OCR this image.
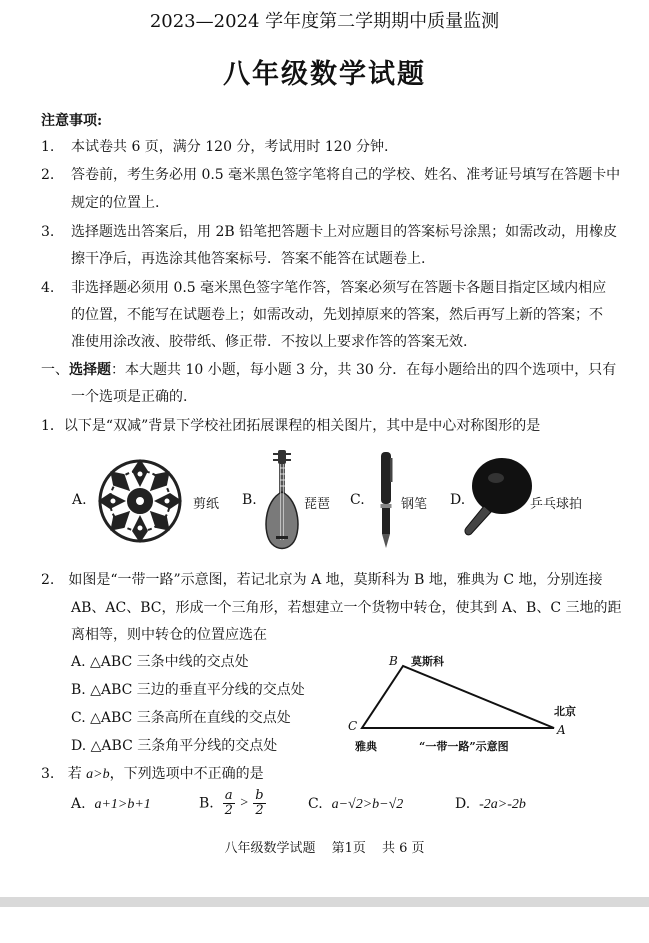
2023—2024 学年度第二学期期中质量监测
八年级数学试题
注意事项:
1. 本试卷共 6 页，满分 120 分，考试用时 120 分钟.
2. 答卷前，考生务必用 0.5 毫米黑色签字笔将自己的学校、姓名、准考证号填写在答题卡中
规定的位置上.
3. 选择题选出答案后，用 2B 铅笔把答题卡上对应题目的答案标号涂黑；如需改动，用橡皮
擦干净后，再选涂其他答案标号．答案不能答在试题卷上.
4. 非选择题必须用 0.5 毫米黑色签字笔作答，答案必须写在答题卡各题目指定区域内相应
的位置，不能写在试题卷上；如需改动，先划掉原来的答案，然后再写上新的答案；不
准使用涂改液、胶带纸、修正带．不按以上要求作答的答案无效.
一、选择题：本大题共 10 小题，每小题 3 分，共 30 分．在每小题给出的四个选项中，只有
一个选项是正确的.
1．以下是“双减”背景下学校社团拓展课程的相关图片，其中是中心对称图形的是
A.	剪纸 B.	琵琶 C.	钢笔 D.	乒乓球拍
2.　如图是“一带一路”示意图，若记北京为 A 地，莫斯科为 B 地，雅典为 C 地，分别连接
AB、AC、BC，形成一个三角形，若想建立一个货物中转仓，使其到 A、B、C 三地的距
离相等，则中转仓的位置应选在
A. △ABC 三条中线的交点处
B. △ABC 三边的垂直平分线的交点处
C. △ABC 三条高所在直线的交点处
D. △ABC 三条角平分线的交点处
B 莫斯科
C
雅典
A
北京
“一带一路”示意图
3. 若 a>b，下列选项中不正确的是
A. a+1>b+1	B. $\frac{a}{2} > \frac{b}{2}$	C. a−√2>b−√2	D. -2a>-2b
八年级数学试题 第1页 共 6 页
